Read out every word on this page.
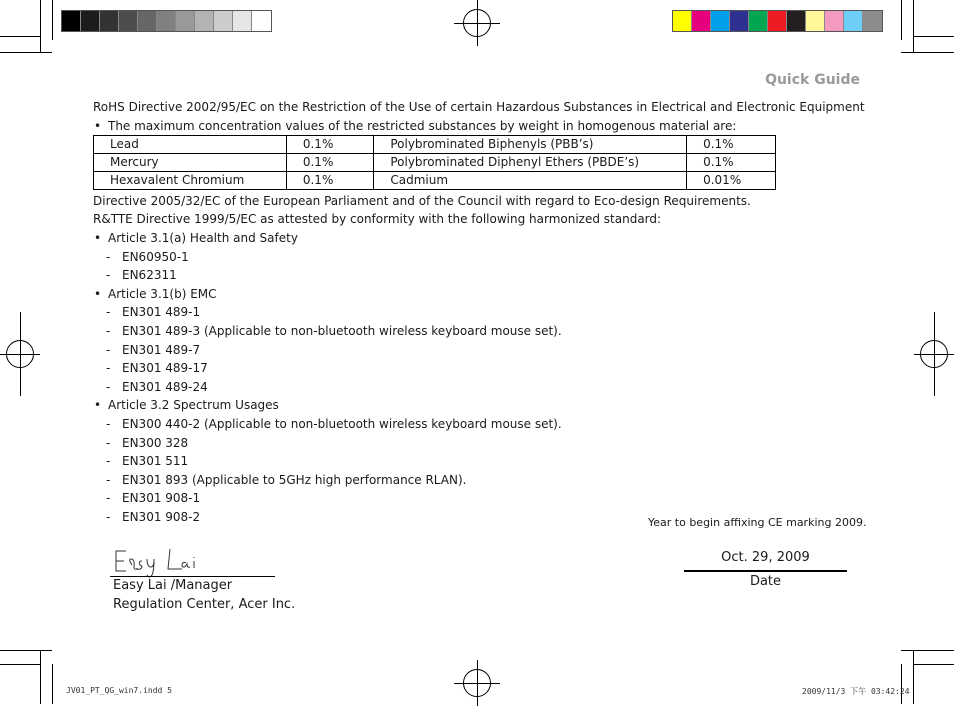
Quick Guide
RoHS Directive 2002/95/EC on the Restriction of the Use of certain Hazardous Substances in Electrical and Electronic Equipment
• The maximum concentration values of the restricted substances by weight in homogenous material are:
Lead	0.1%	Polybrominated Biphenyls (PBB’s)	0.1%
Mercury	0.1%	Polybrominated Diphenyl Ethers (PBDE’s)	0.1%
Hexavalent Chromium	0.1%	Cadmium	0.01%
Directive 2005/32/EC of the European Parliament and of the Council with regard to Eco-design Requirements.
R&TTE Directive 1999/5/EC as attested by conformity with the following harmonized standard:
• Article 3.1(a) Health and Safety
- EN60950-1
- EN62311
• Article 3.1(b) EMC
- EN301 489-1
- EN301 489-3 (Applicable to non-bluetooth wireless keyboard mouse set).
- EN301 489-7
- EN301 489-17
- EN301 489-24
• Article 3.2 Spectrum Usages
- EN300 440-2 (Applicable to non-bluetooth wireless keyboard mouse set).
- EN300 328
- EN301 511
- EN301 893 (Applicable to 5GHz high performance RLAN).
- EN301 908-1
- EN301 908-2	Year to begin affixing CE marking 2009.
Easy Lai /Manager
Regulation Center, Acer Inc.
Oct. 29, 2009
Date
JV01_PT_QG_win7.indd 5	2009/11/3 下午 03:42:24
